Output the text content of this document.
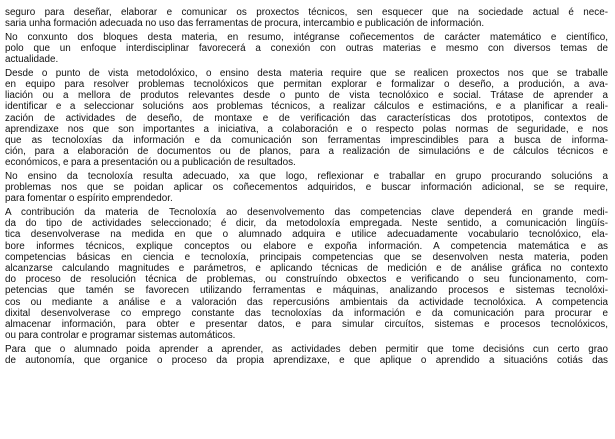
seguro para deseñar, elaborar e comunicar os proxectos técnicos, sen esquecer que na sociedade actual é nece-
saria unha formación adecuada no uso das ferramentas de procura, intercambio e publicación de información.
No conxunto dos bloques desta materia, en resumo, intégranse coñecementos de carácter matemático e científico,
polo que un enfoque interdisciplinar favorecerá a conexión con outras materias e mesmo con diversos temas de
actualidade.
Desde o punto de vista metodolóxico, o ensino desta materia require que se realicen proxectos nos que se traballe
en equipo para resolver problemas tecnolóxicos que permitan explorar e formalizar o deseño, a produción, a ava-
liación ou a mellora de produtos relevantes desde o punto de vista tecnolóxico e social. Trátase de aprender a
identificar e a seleccionar solucións aos problemas técnicos, a realizar cálculos e estimacións, e a planificar a reali-
zación de actividades de deseño, de montaxe e de verificación das características dos prototipos, contextos de
aprendizaxe nos que son importantes a iniciativa, a colaboración e o respecto polas normas de seguridade, e nos
que as tecnoloxías da información e da comunicación son ferramentas imprescindibles para a busca de informa-
ción, para a elaboración de documentos ou de planos, para a realización de simulacións e de cálculos técnicos e
económicos, e para a presentación ou a publicación de resultados.
No ensino da tecnoloxía resulta adecuado, xa que logo, reflexionar e traballar en grupo procurando solucións a
problemas nos que se poidan aplicar os coñecementos adquiridos, e buscar información adicional, se se require,
para fomentar o espírito emprendedor.
A contribución da materia de Tecnoloxía ao desenvolvemento das competencias clave dependerá en grande medi-
da do tipo de actividades seleccionado; é dicir, da metodoloxía empregada. Neste sentido, a comunicación lingüís-
tica desenvolverase na medida en que o alumnado adquira e utilice adecuadamente vocabulario tecnolóxico, ela-
bore informes técnicos, explique conceptos ou elabore e expoña información. A competencia matemática e as
competencias básicas en ciencia e tecnoloxía, principais competencias que se desenvolven nesta materia, poden
alcanzarse calculando magnitudes e parámetros, e aplicando técnicas de medición e de análise gráfica no contexto
do proceso de resolución técnica de problemas, ou construíndo obxectos e verificando o seu funcionamento, com-
petencias que tamén se favorecen utilizando ferramentas e máquinas, analizando procesos e sistemas tecnolóxi-
cos ou mediante a análise e a valoración das repercusións ambientais da actividade tecnolóxica. A competencia
dixital desenvolverase co emprego constante das tecnoloxías da información e da comunicación para procurar e
almacenar información, para obter e presentar datos, e para simular circuítos, sistemas e procesos tecnolóxicos,
ou para controlar e programar sistemas automáticos.
Para que o alumnado poida aprender a aprender, as actividades deben permitir que tome decisións cun certo grao
de autonomía, que organice o proceso da propia aprendizaxe, e que aplique o aprendido a situacións cotiás das
